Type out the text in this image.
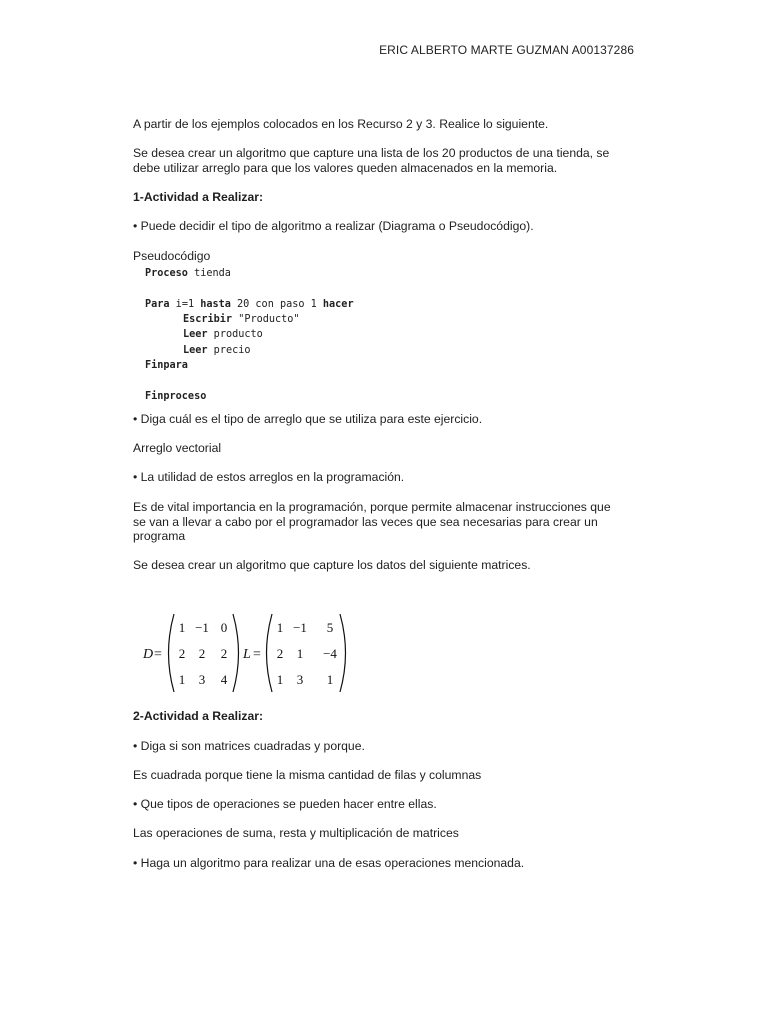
ERIC ALBERTO MARTE GUZMAN A00137286

A partir de los ejemplos colocados en los Recurso 2 y 3. Realice lo siguiente.

Se desea crear un algoritmo que capture una lista de los 20 productos de una tienda, se

debe utilizar arreglo para que los valores queden almacenados en la memoria.

1-Actividad a Realizar:

• Puede decidir el tipo de algoritmo a realizar (Diagrama o Pseudocódigo).

Pseudocódigo

Proceso tienda
Para i=1 hasta 20 con paso 1 hacer
Escribir "Producto"
Leer producto
Leer precio
Finpara
Finproceso

• Diga cuál es el tipo de arreglo que se utiliza para este ejercicio.

Arreglo vectorial

• La utilidad de estos arreglos en la programación.

Es de vital importancia en la programación, porque permite almacenar instrucciones que

se van a llevar a cabo por el programador las veces que sea necesarias para crear un

programa

Se desea crear un algoritmo que capture los datos del siguiente matrices.

D =
1 −1 0
2 2 2
1 3 4
L =
1 −1 5
2 1 −4
1 3 1

2-Actividad a Realizar:

• Diga si son matrices cuadradas y porque.

Es cuadrada porque tiene la misma cantidad de filas y columnas

• Que tipos de operaciones se pueden hacer entre ellas.

Las operaciones de suma, resta y multiplicación de matrices

• Haga un algoritmo para realizar una de esas operaciones mencionada.
